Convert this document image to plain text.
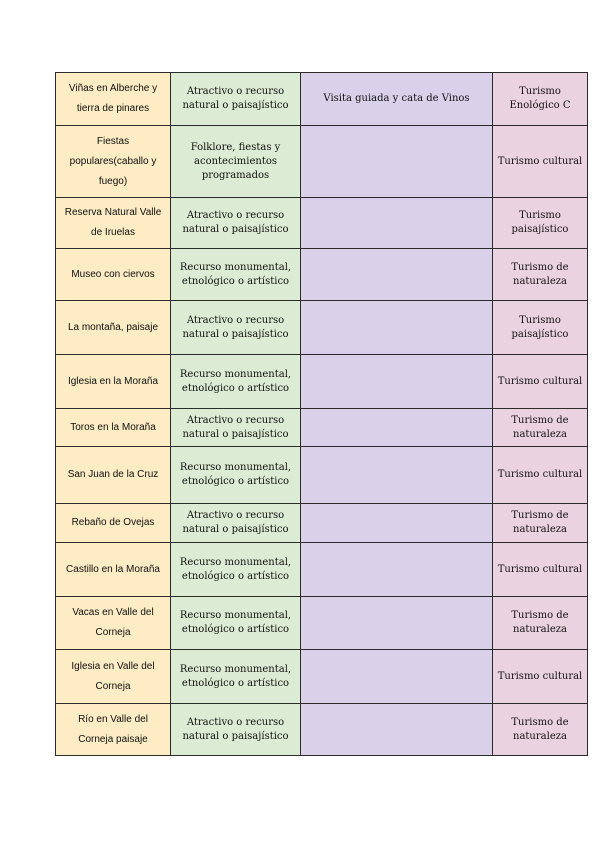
Viñas en Alberche y tierra de pinares	Atractivo o recurso natural o paisajístico	Visita guiada y cata de Vinos	Turismo Enológico C
Fiestas populares(caballo y fuego)	Folklore, fiestas y acontecimientos programados		Turismo cultural
Reserva Natural Valle de Iruelas	Atractivo o recurso natural o paisajístico		Turismo paisajístico
Museo con ciervos	Recurso monumental, etnológico o artístico		Turismo de naturaleza
La montaña, paisaje	Atractivo o recurso natural o paisajístico		Turismo paisajístico
Iglesia en la Moraña	Recurso monumental, etnológico o artístico		Turismo cultural
Toros en la Moraña	Atractivo o recurso natural o paisajístico		Turismo de naturaleza
San Juan de la Cruz	Recurso monumental, etnológico o artístico		Turismo cultural
Rebaño de Ovejas	Atractivo o recurso natural o paisajístico		Turismo de naturaleza
Castillo en la Moraña	Recurso monumental, etnológico o artístico		Turismo cultural
Vacas en Valle del Corneja	Recurso monumental, etnológico o artístico		Turismo de naturaleza
Iglesia en Valle del Corneja	Recurso monumental, etnológico o artístico		Turismo cultural
Río en Valle del Corneja paisaje	Atractivo o recurso natural o paisajístico		Turismo de naturaleza
